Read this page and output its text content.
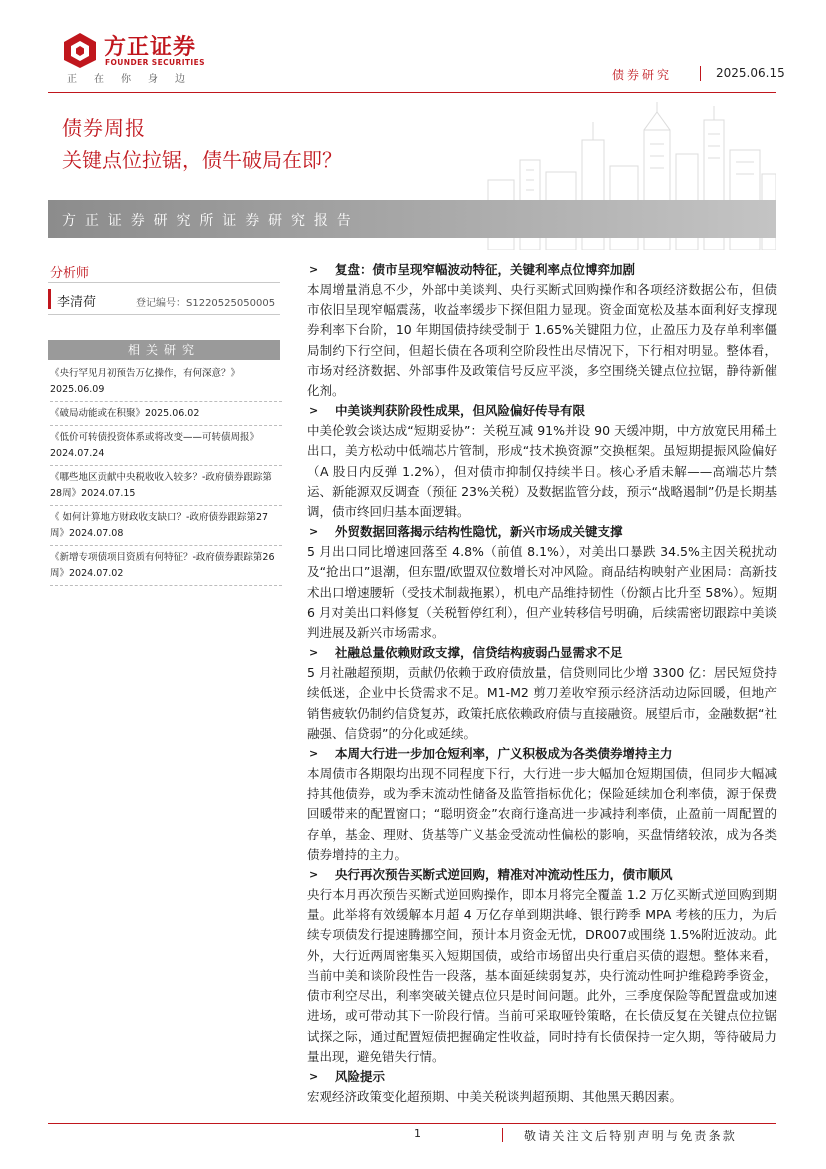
方正证券
FOUNDER SECURITIES
正在你身边	债券研究	2025.06.15
债券周报
关键点位拉锯，债牛破局在即？
方正证券研究所证券研究报告
分析师
李清荷	登记编号：S1220525050005
相关研究
《央行罕见月初预告万亿操作，有何深意？》2025.06.09
《破局动能或在积聚》2025.06.02
《低价可转债投资体系或将改变——可转债周报》2024.07.24
《哪些地区贡献中央税收收入较多？-政府债券跟踪第28周》2024.07.15
《 如何计算地方财政收支缺口？-政府债券跟踪第27周》2024.07.08
《新增专项债项目资质有何特征？-政府债券跟踪第26周》2024.07.02
> 复盘：债市呈现窄幅波动特征，关键利率点位博弈加剧

本周增量消息不少，外部中美谈判、央行买断式回购操作和各项经济数据公布，但债市依旧呈现窄幅震荡，收益率缓步下探但阻力显现。资金面宽松及基本面利好支撑现券利率下台阶，10 年期国债持续受制于 1.65%关键阻力位，止盈压力及存单利率僵局制约下行空间，但超长债在各项利空阶段性出尽情况下，下行相对明显。整体看，市场对经济数据、外部事件及政策信号反应平淡，多空围绕关键点位拉锯，静待新催化剂。

> 中美谈判获阶段性成果，但风险偏好传导有限

中美伦敦会谈达成“短期妥协”：关税互减 91%并设 90 天缓冲期，中方放宽民用稀土出口，美方松动中低端芯片管制，形成“技术换资源”交换框架。虽短期提振风险偏好（A 股日内反弹 1.2%），但对债市抑制仅持续半日。核心矛盾未解——高端芯片禁运、新能源双反调查（预征 23%关税）及数据监管分歧，预示“战略遏制”仍是长期基调，债市终回归基本面逻辑。

> 外贸数据回落揭示结构性隐忧，新兴市场成关键支撑

5 月出口同比增速回落至 4.8%（前值 8.1%），对美出口暴跌 34.5%主因关税扰动及“抢出口”退潮，但东盟/欧盟双位数增长对冲风险。商品结构映射产业困局：高新技术出口增速腰斩（受技术制裁拖累），机电产品维持韧性（份额占比升至 58%）。短期 6 月对美出口料修复（关税暂停红利），但产业转移信号明确，后续需密切跟踪中美谈判进展及新兴市场需求。

> 社融总量依赖财政支撑，信贷结构疲弱凸显需求不足

5 月社融超预期，贡献仍依赖于政府债放量，信贷则同比少增 3300 亿：居民短贷持续低迷，企业中长贷需求不足。M1-M2 剪刀差收窄预示经济活动边际回暖，但地产销售疲软仍制约信贷复苏，政策托底依赖政府债与直接融资。展望后市，金融数据“社融强、信贷弱”的分化或延续。

> 本周大行进一步加仓短利率，广义积极成为各类债券增持主力

本周债市各期限均出现不同程度下行，大行进一步大幅加仓短期国债，但同步大幅减持其他债券，或为季末流动性储备及监管指标优化；保险延续加仓利率债，源于保费回暖带来的配置窗口；“聪明资金”农商行逢高进一步减持利率债，止盈前一周配置的存单，基金、理财、货基等广义基金受流动性偏松的影响，买盘情绪较浓，成为各类债券增持的主力。

> 央行再次预告买断式逆回购，精准对冲流动性压力，债市顺风

央行本月再次预告买断式逆回购操作，即本月将完全覆盖 1.2 万亿买断式逆回购到期量。此举将有效缓解本月超 4 万亿存单到期洪峰、银行跨季 MPA 考核的压力，为后续专项债发行提速腾挪空间，预计本月资金无忧，DR007或围绕 1.5%附近波动。此外，大行近两周密集买入短期国债，或给市场留出央行重启买债的遐想。整体来看，当前中美和谈阶段性告一段落，基本面延续弱复苏，央行流动性呵护维稳跨季资金，债市利空尽出，利率突破关键点位只是时间问题。此外，三季度保险等配置盘或加速进场，或可带动其下一阶段行情。当前可采取哑铃策略，在长债反复在关键点位拉锯试探之际，通过配置短债把握确定性收益，同时持有长债保持一定久期，等待破局力量出现，避免错失行情。

> 风险提示

宏观经济政策变化超预期、中美关税谈判超预期、其他黑天鹅因素。

1	敬请关注文后特别声明与免责条款
